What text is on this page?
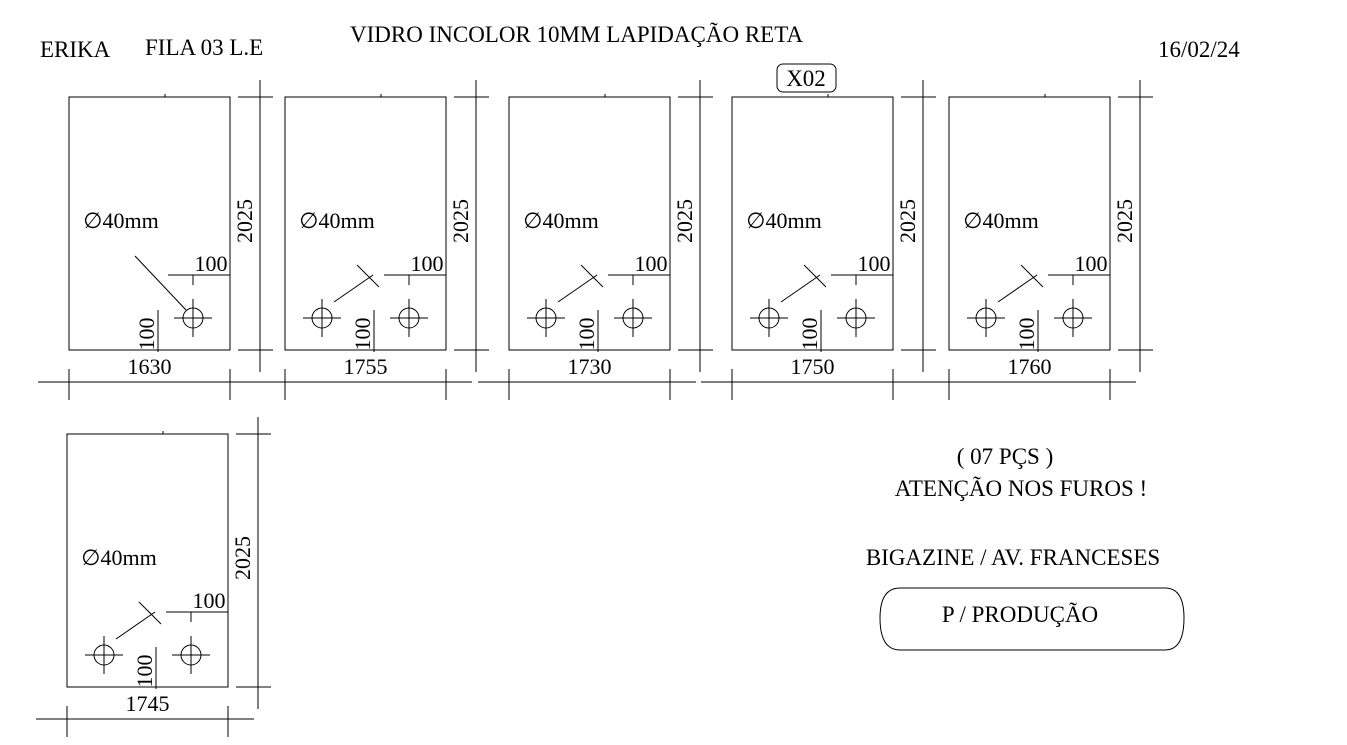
ERIKA FILA 03 L.E
VIDRO INCOLOR 10MM LAPIDAÇÃO RETA
16/02/24
X02
2025
1630
∅40mm
100
100
2025
1755
∅40mm
100
100
2025
1730
∅40mm
100
100
2025
1750
∅40mm
100
100
2025
1760
∅40mm
100
100
2025
1745
∅40mm
100
100
( 07 PÇS )
ATENÇÃO NOS FUROS !
BIGAZINE / AV. FRANCESES
P / PRODUÇÃO
